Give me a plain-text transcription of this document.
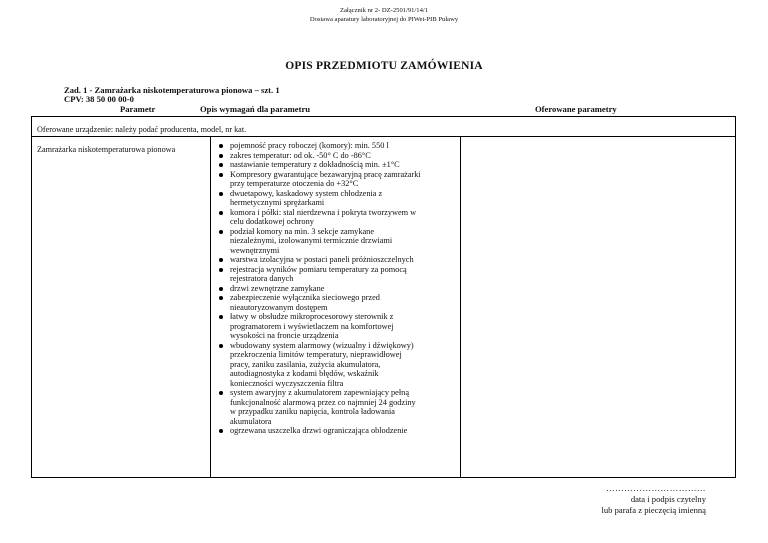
Załącznik nr 2- DZ-2501/91/14/1
Dostawa aparatury laboratoryjnej do PIWet-PIB Puławy
OPIS PRZEDMIOTU ZAMÓWIENIA
Zad. 1 - Zamrażarka niskotemperaturowa pionowa – szt. 1
CPV: 38 50 00 00-0
Parametr	Opis wymagań dla parametru	Oferowane parametry
Oferowane urządzenie: należy podać producenta, model, nr kat.
Zamrażarka niskotemperaturowa pionowa	pojemność pracy roboczej (komory): min. 550 l
zakres temperatur: od ok. -50° C do -86°C
nastawianie temperatury z dokładnością min. ±1°C
Kompresory gwarantujące bezawaryjną pracę zamrażarki
przy temperaturze otoczenia do +32°C
dwuetapowy, kaskadowy system chłodzenia z
hermetycznymi sprężarkami
komora i półki: stal nierdzewna i pokryta tworzywem w
celu dodatkowej ochrony
podział komory na min. 3 sekcje zamykane
niezależnymi, izolowanymi termicznie drzwiami
wewnętrznymi
warstwa izolacyjna w postaci paneli próżnioszczelnych
rejestracja wyników pomiaru temperatury za pomocą
rejestratora danych
drzwi zewnętrzne zamykane
zabezpieczenie wyłącznika sieciowego przed
nieautoryzowanym dostępem
łatwy w obsłudze mikroprocesorowy sterownik z
programatorem i wyświetlaczem na komfortowej
wysokości na froncie urządzenia
wbudowany system alarmowy (wizualny i dźwiękowy)
przekroczenia limitów temperatury, nieprawidłowej
pracy, zaniku zasilania, zużycia akumulatora,
autodiagnostyka z kodami błędów, wskaźnik
konieczności wyczyszczenia filtra
system awaryjny z akumulatorem zapewniający pełną
funkcjonalność alarmową przez co najmniej 24 godziny
w przypadku zaniku napięcia, kontrola ładowania
akumulatora
ogrzewana uszczelka drzwi ograniczająca oblodzenie
……………………………
data i podpis czytelny
lub parafa z pieczęcią imienną
